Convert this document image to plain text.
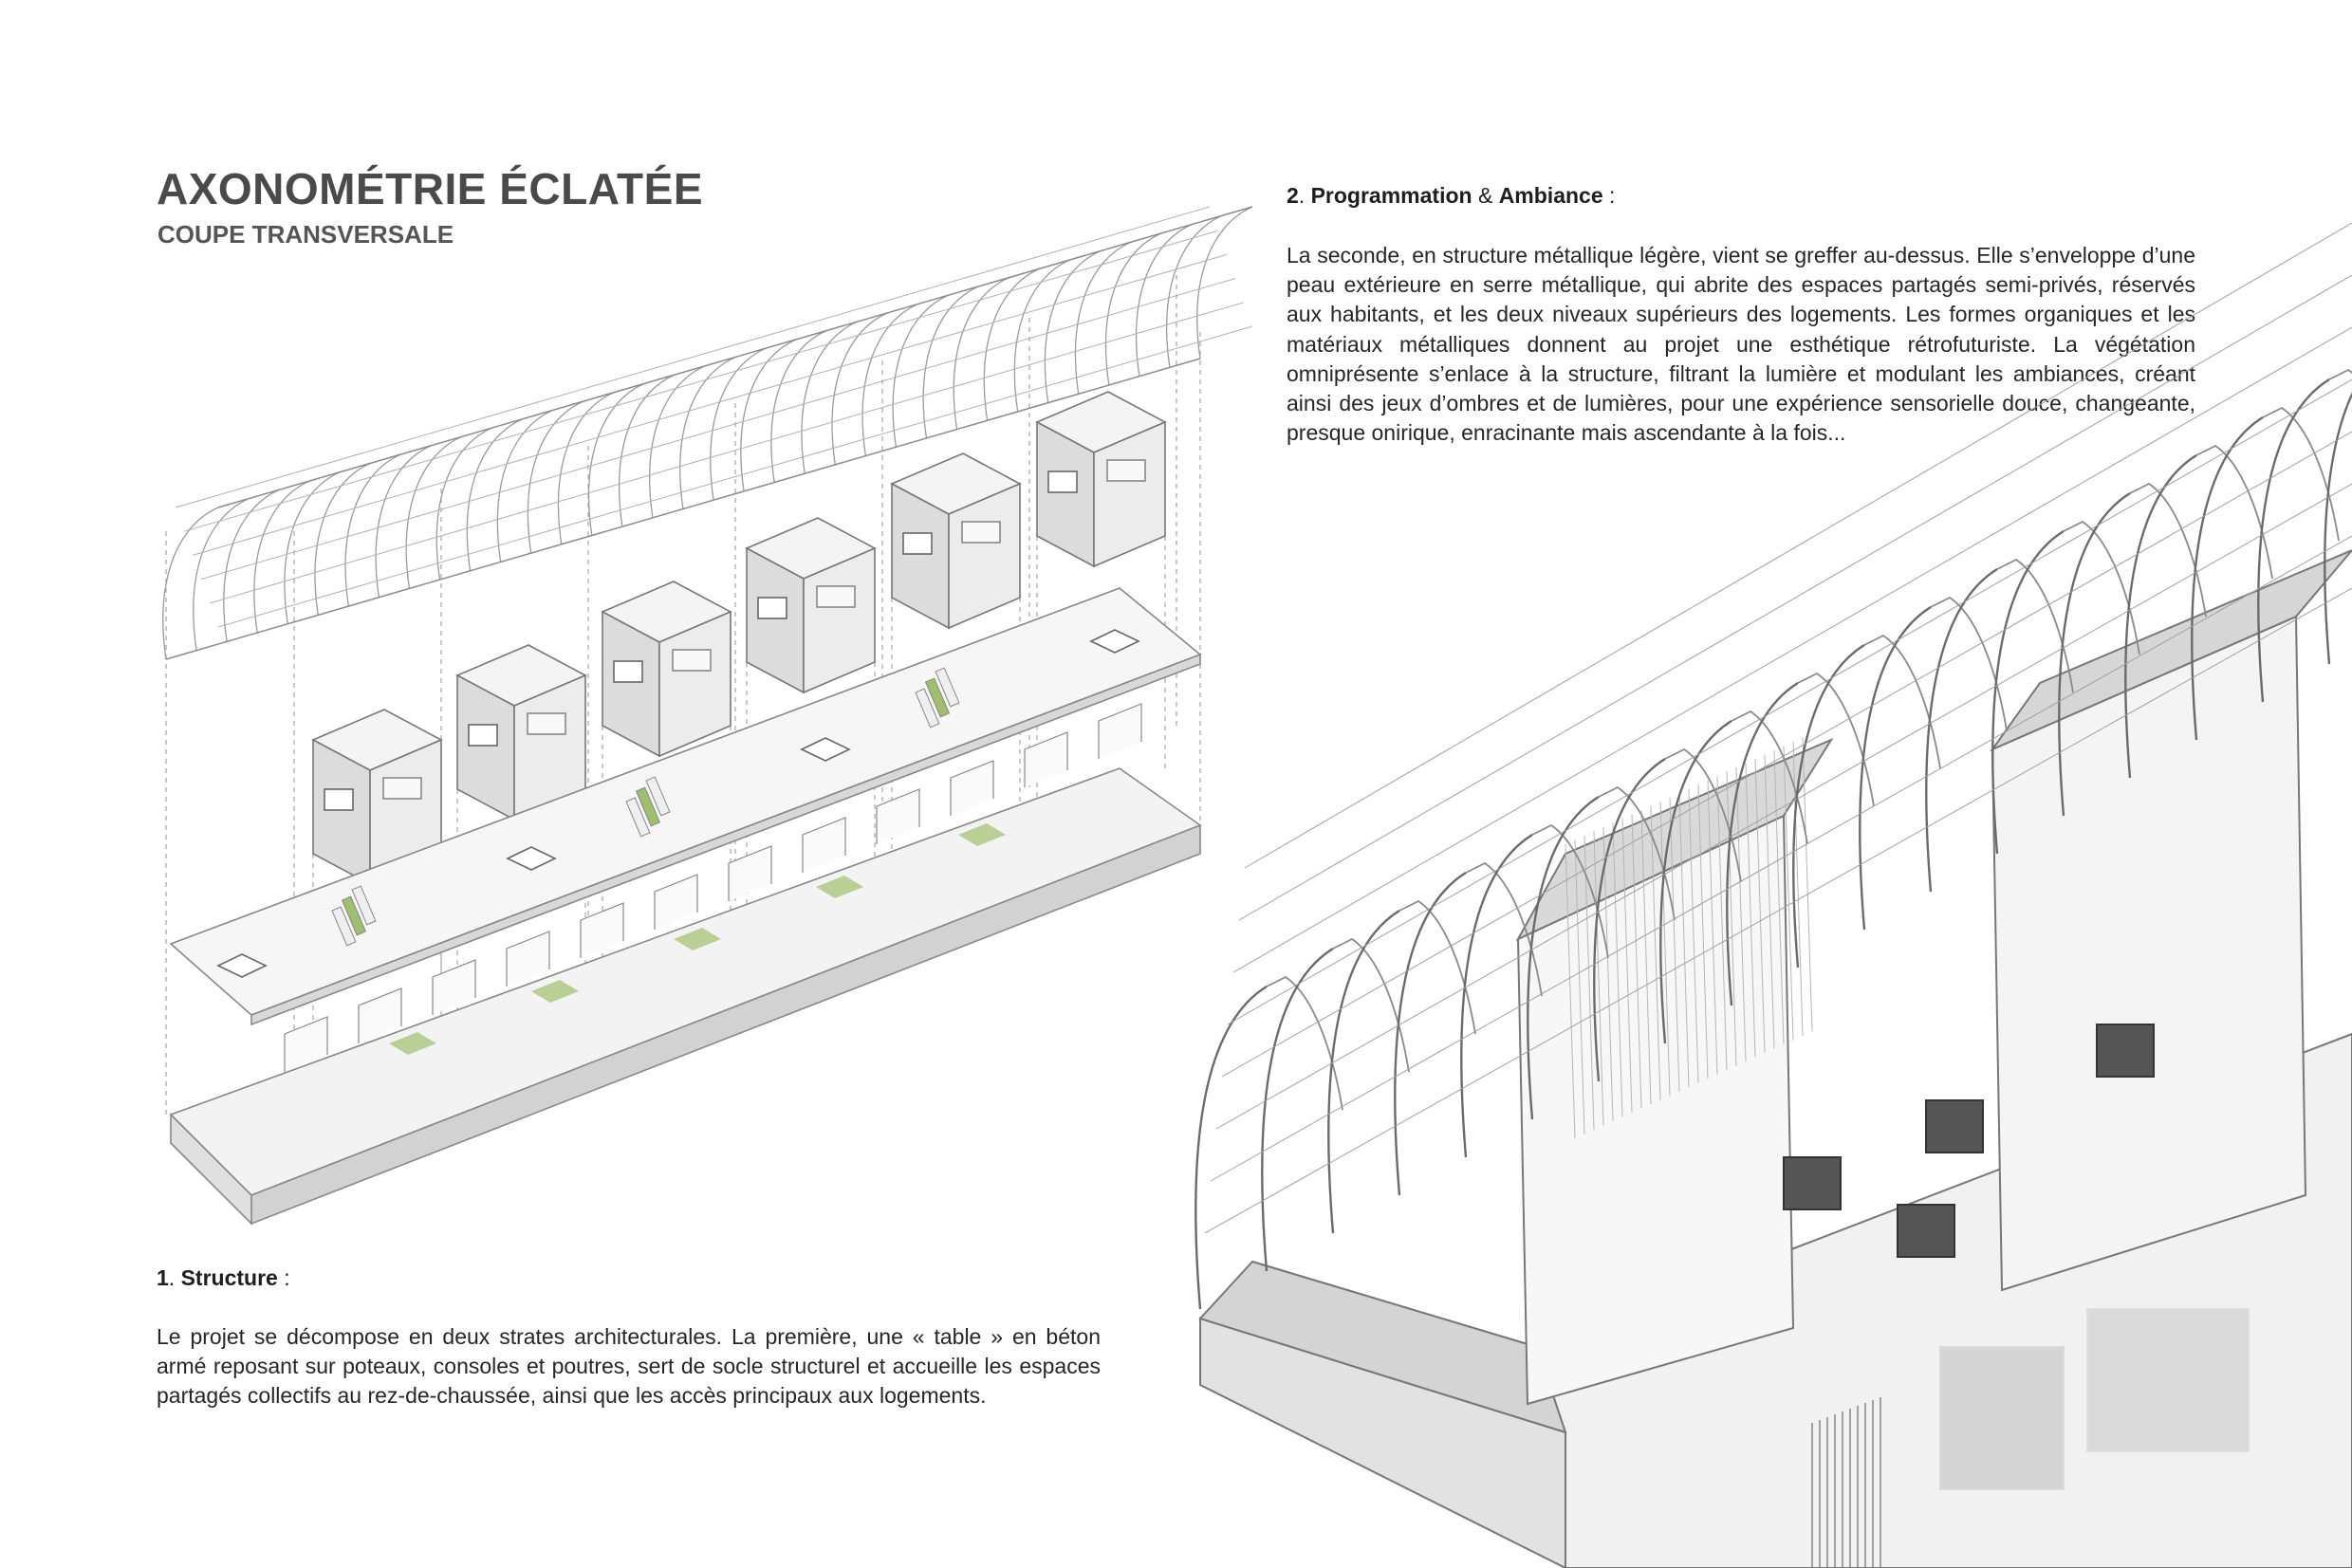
AXONOMÉTRIE ÉCLATÉE
COUPE TRANSVERSALE
2. Programmation & Ambiance :
La seconde, en structure métallique légère, vient se greffer au-dessus. Elle s’enveloppe d’une peau extérieure en serre métallique, qui abrite des espaces partagés semi-privés, réservés aux habitants, et les deux niveaux supérieurs des logements. Les formes organiques et les matériaux métalliques donnent au projet une esthétique rétrofuturiste. La végétation omniprésente s’enlace à la structure, filtrant la lumière et modulant les ambiances, créant ainsi des jeux d’ombres et de lumières, pour une expérience sensorielle douce, changeante, presque onirique, enracinante mais ascendante à la fois...
1. Structure :
Le projet se décompose en deux strates architecturales. La première, une « table » en béton armé reposant sur poteaux, consoles et poutres, sert de socle structurel et accueille les espaces partagés collectifs au rez-de-chaussée, ainsi que les accès principaux aux logements.
